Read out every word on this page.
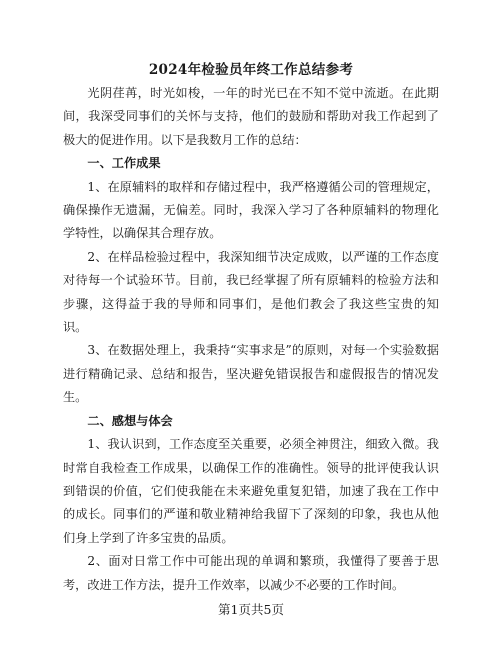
2024年检验员年终工作总结参考

光阴荏苒，时光如梭，一年的时光已在不知不觉中流逝。在此期间，我深受同事们的关怀与支持，他们的鼓励和帮助对我工作起到了极大的促进作用。以下是我数月工作的总结：

一、工作成果

1、在原辅料的取样和存储过程中，我严格遵循公司的管理规定，确保操作无遗漏，无偏差。同时，我深入学习了各种原辅料的物理化学特性，以确保其合理存放。

2、在样品检验过程中，我深知细节决定成败，以严谨的工作态度对待每一个试验环节。目前，我已经掌握了所有原辅料的检验方法和步骤，这得益于我的导师和同事们，是他们教会了我这些宝贵的知识。

3、在数据处理上，我秉持“实事求是”的原则，对每一个实验数据进行精确记录、总结和报告，坚决避免错误报告和虚假报告的情况发生。

二、感想与体会

1、我认识到，工作态度至关重要，必须全神贯注，细致入微。我时常自我检查工作成果，以确保工作的准确性。领导的批评使我认识到错误的价值，它们使我能在未来避免重复犯错，加速了我在工作中的成长。同事们的严谨和敬业精神给我留下了深刻的印象，我也从他们身上学到了许多宝贵的品质。

2、面对日常工作中可能出现的单调和繁琐，我懂得了要善于思考，改进工作方法，提升工作效率，以减少不必要的工作时间。

第1页共5页
